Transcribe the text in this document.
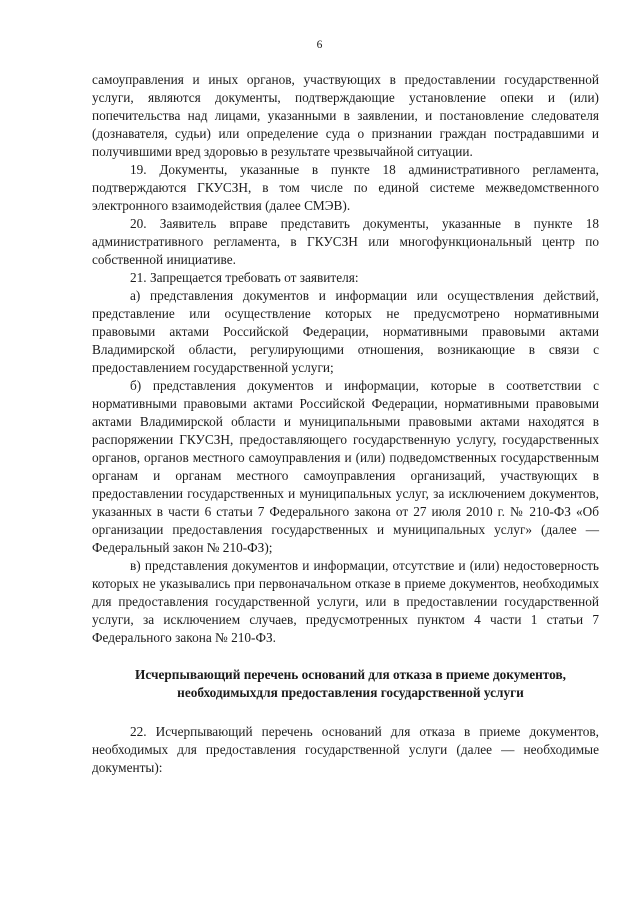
6

самоуправления и иных органов, участвующих в предоставлении государственной услуги, являются документы, подтверждающие установление опеки и (или) попечительства над лицами, указанными в заявлении, и постановление следователя (дознавателя, судьи) или определение суда о признании граждан пострадавшими и получившими вред здоровью в результате чрезвычайной ситуации.

19. Документы, указанные в пункте 18 административного регламента, подтверждаются ГКУСЗН, в том числе по единой системе межведомственного электронного взаимодействия (далее СМЭВ).

20. Заявитель вправе представить документы, указанные в пункте 18 административного регламента, в ГКУСЗН или многофункциональный центр по собственной инициативе.

21. Запрещается требовать от заявителя:

а) представления документов и информации или осуществления действий, представление или осуществление которых не предусмотрено нормативными правовыми актами Российской Федерации, нормативными правовыми актами Владимирской области, регулирующими отношения, возникающие в связи с предоставлением государственной услуги;

б) представления документов и информации, которые в соответствии с нормативными правовыми актами Российской Федерации, нормативными правовыми актами Владимирской области и муниципальными правовыми актами находятся в распоряжении ГКУСЗН, предоставляющего государственную услугу, государственных органов, органов местного самоуправления и (или) подведомственных государственным органам и органам местного самоуправления организаций, участвующих в предоставлении государственных и муниципальных услуг, за исключением документов, указанных в части 6 статьи 7 Федерального закона от 27 июля 2010 г. № 210-ФЗ «Об организации предоставления государственных и муниципальных услуг» (далее — Федеральный закон № 210-ФЗ);

в) представления документов и информации, отсутствие и (или) недостоверность которых не указывались при первоначальном отказе в приеме документов, необходимых для предоставления государственной услуги, или в предоставлении государственной услуги, за исключением случаев, предусмотренных пунктом 4 части 1 статьи 7 Федерального закона № 210-ФЗ.

Исчерпывающий перечень оснований для отказа в приеме документов, необходимыхдля предоставления государственной услуги

22. Исчерпывающий перечень оснований для отказа в приеме документов, необходимых для предоставления государственной услуги (далее — необходимые документы):
